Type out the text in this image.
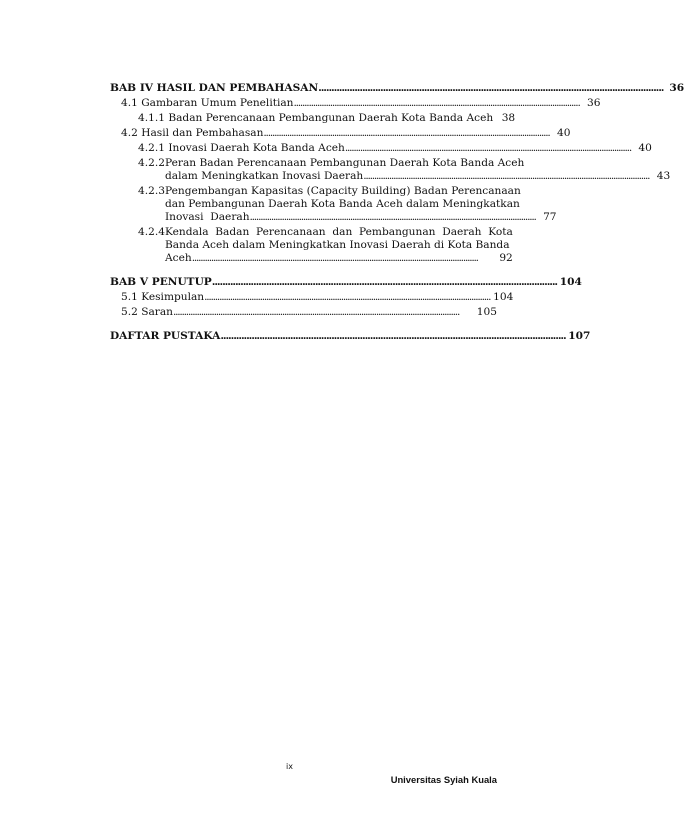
BAB IV HASIL DAN PEMBAHASAN . . .	36
4.1 Gambaran Umum Penelitian . . .	36
4.1.1 Badan Perencanaan Pembangunan Daerah Kota Banda Aceh 38
4.2 Hasil dan Pembahasan . . .	40
4.2.1 Inovasi Daerah Kota Banda Aceh . . .	40
4.2.2 Peran Badan Perencanaan Pembangunan Daerah Kota Banda Aceh
dalam Meningkatkan Inovasi Daerah . . .	43
4.2.3 Pengembangan Kapasitas (Capacity Building) Badan Perencanaan
dan Pembangunan Daerah Kota Banda Aceh dalam Meningkatkan
Inovasi  Daerah . . .	77
4.2.4 Kendala  Badan  Perencanaan  dan  Pembangunan  Daerah  Kota
Banda Aceh dalam Meningkatkan Inovasi Daerah di Kota Banda
Aceh . . .	92
BAB V PENUTUP . . .	104
5.1 Kesimpulan . . .	104
5.2 Saran . . .	105
DAFTAR PUSTAKA . . .	107
ix
Universitas Syiah Kuala
